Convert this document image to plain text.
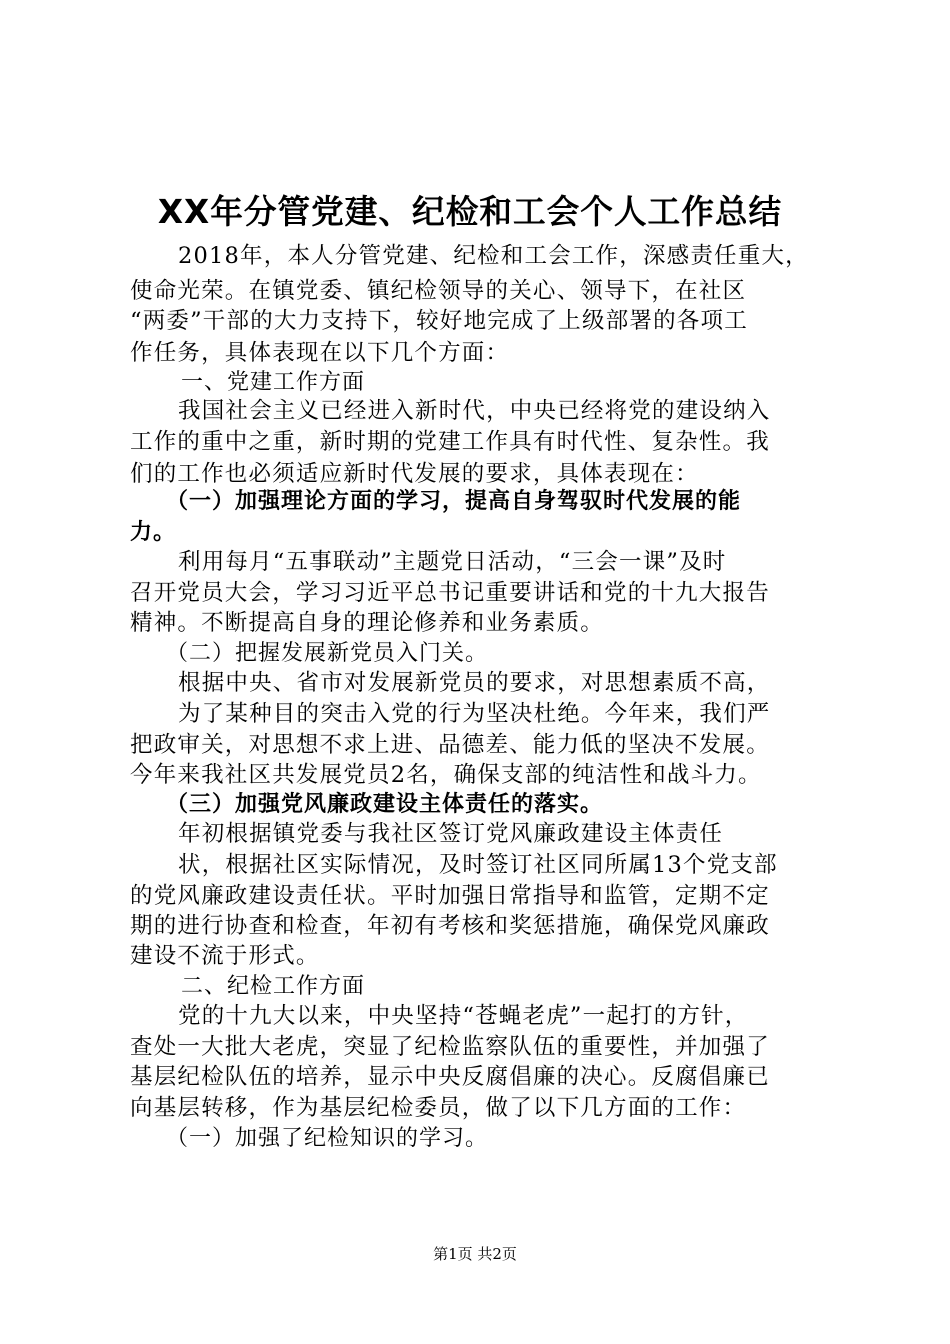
XX年分管党建、纪检和工会个人工作总结
2018年，本人分管党建、纪检和工会工作，深感责任重大，
使命光荣。在镇党委、镇纪检领导的关心、领导下，在社区
“两委”干部的大力支持下，较好地完成了上级部署的各项工
作任务，具体表现在以下几个方面：
一、党建工作方面
我国社会主义已经进入新时代，中央已经将党的建设纳入
工作的重中之重，新时期的党建工作具有时代性、复杂性。我
们的工作也必须适应新时代发展的要求，具体表现在：
（一）加强理论方面的学习，提高自身驾驭时代发展的能
力。
利用每月“五事联动”主题党日活动，“三会一课”及时
召开党员大会，学习习近平总书记重要讲话和党的十九大报告
精神。不断提高自身的理论修养和业务素质。
（二）把握发展新党员入门关。
根据中央、省市对发展新党员的要求，对思想素质不高，
为了某种目的突击入党的行为坚决杜绝。今年来，我们严
把政审关，对思想不求上进、品德差、能力低的坚决不发展。
今年来我社区共发展党员2名，确保支部的纯洁性和战斗力。
（三）加强党风廉政建设主体责任的落实。
年初根据镇党委与我社区签订党风廉政建设主体责任
状，根据社区实际情况，及时签订社区同所属13个党支部
的党风廉政建设责任状。平时加强日常指导和监管，定期不定
期的进行协查和检查，年初有考核和奖惩措施，确保党风廉政
建设不流于形式。
二、纪检工作方面
党的十九大以来，中央坚持“苍蝇老虎”一起打的方针，
查处一大批大老虎，突显了纪检监察队伍的重要性，并加强了
基层纪检队伍的培养，显示中央反腐倡廉的决心。反腐倡廉已
向基层转移，作为基层纪检委员，做了以下几方面的工作：
（一）加强了纪检知识的学习。
第1页 共2页
